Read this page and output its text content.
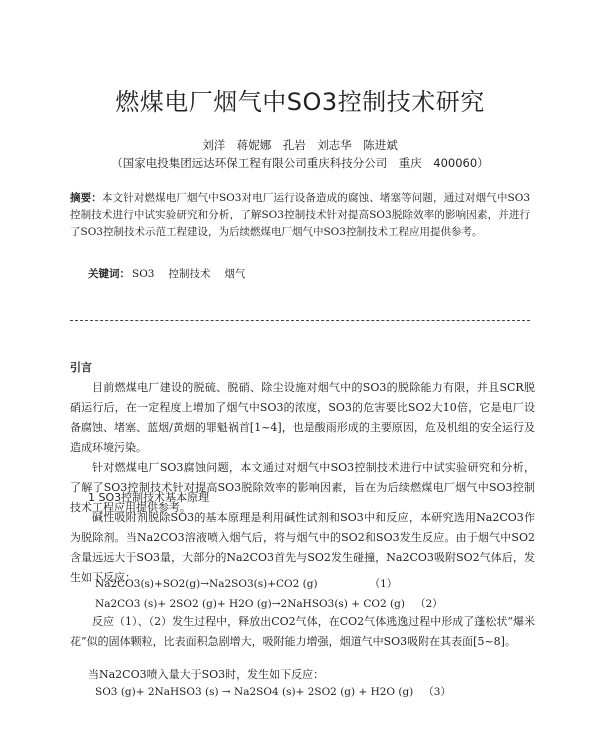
燃煤电厂烟气中SO3控制技术研究
刘洋　蒋妮娜　孔岩　刘志华　陈进斌
（国家电投集团远达环保工程有限公司重庆科技分公司　重庆　400060）
摘要：本文针对燃煤电厂烟气中SO3对电厂运行设备造成的腐蚀、堵塞等问题，通过对烟气中SO3控制技术进行中试实验研究和分析，了解SO3控制技术针对提高SO3脱除效率的影响因素，并进行了SO3控制技术示范工程建设，为后续燃煤电厂烟气中SO3控制技术工程应用提供参考。
关键词： SO3 控制技术 烟气
引言
目前燃煤电厂建设的脱硫、脱硝、除尘设施对烟气中的SO3的脱除能力有限，并且SCR脱硝运行后，在一定程度上增加了烟气中SO3的浓度，SO3的危害要比SO2大10倍，它是电厂设备腐蚀、堵塞、蓝烟/黄烟的罪魁祸首[1~4]，也是酸雨形成的主要原因，危及机组的安全运行及造成环境污染。
针对燃煤电厂SO3腐蚀问题，本文通过对烟气中SO3控制技术进行中试实验研究和分析，了解了SO3控制技术针对提高SO3脱除效率的影响因素，旨在为后续燃煤电厂烟气中SO3控制技术工程应用提供参考。
1 SO3控制技术基本原理
碱性吸附剂脱除SO3的基本原理是利用碱性试剂和SO3中和反应，本研究选用Na2CO3作为脱除剂。当Na2CO3溶液喷入烟气后，将与烟气中的SO2和SO3发生反应。由于烟气中SO2含量远远大于SO3量，大部分的Na2CO3首先与SO2发生碰撞，Na2CO3吸附SO2气体后，发生如下反应：
Na2CO3(s)+SO2(g)→Na2SO3(s)+CO2 (g)	（1）
Na2CO3 (s)+ 2SO2 (g)+ H2O (g)→2NaHSO3(s) + CO2 (g) （2）
反应（1）、（2）发生过程中，释放出CO2气体，在CO2气体逃逸过程中形成了蓬松状“爆米花”似的固体颗粒，比表面积急剧增大，吸附能力增强，烟道气中SO3吸附在其表面[5~8]。
当Na2CO3喷入量大于SO3时，发生如下反应：
SO3 (g)+ 2NaHSO3 (s) → Na2SO4 (s)+ 2SO2 (g) + H2O (g) （3）
